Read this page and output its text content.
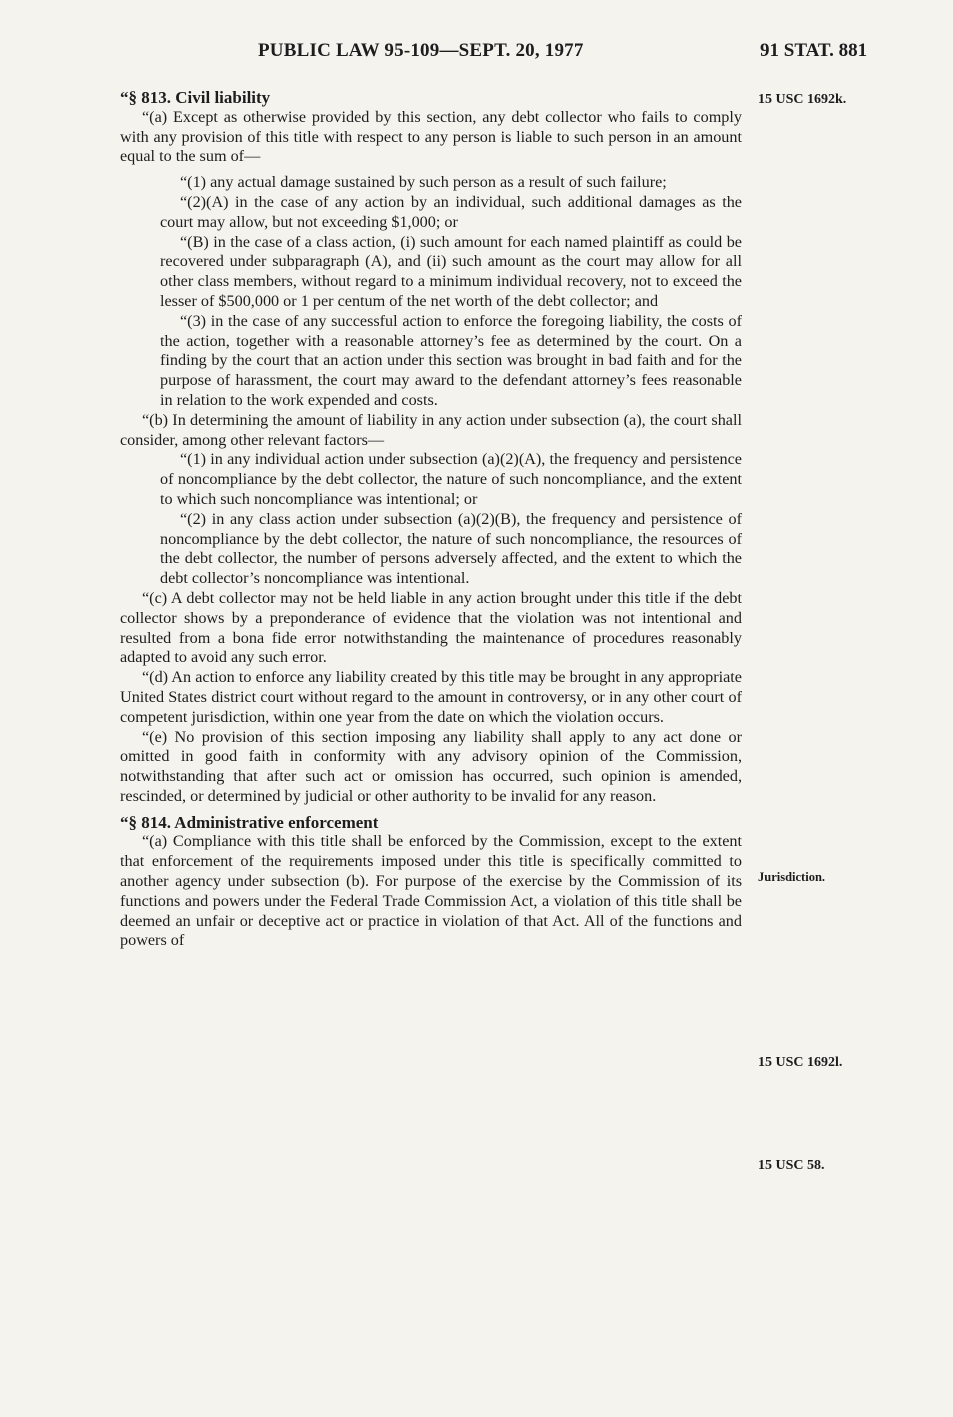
PUBLIC LAW 95-109—SEPT. 20, 1977	91 STAT. 881
15 USC 1692k.
Jurisdiction.
15 USC 1692l.
15 USC 58.

“§ 813. Civil liability

“(a) Except as otherwise provided by this section, any debt collector who fails to comply with any provision of this title with respect to any person is liable to such person in an amount equal to the sum of—

“(1) any actual damage sustained by such person as a result of such failure;

“(2)(A) in the case of any action by an individual, such additional damages as the court may allow, but not exceeding $1,000; or

“(B) in the case of a class action, (i) such amount for each named plaintiff as could be recovered under subparagraph (A), and (ii) such amount as the court may allow for all other class members, without regard to a minimum individual recovery, not to exceed the lesser of $500,000 or 1 per centum of the net worth of the debt collector; and

“(3) in the case of any successful action to enforce the foregoing liability, the costs of the action, together with a reasonable attorney’s fee as determined by the court. On a finding by the court that an action under this section was brought in bad faith and for the purpose of harassment, the court may award to the defendant attorney’s fees reasonable in relation to the work expended and costs.

“(b) In determining the amount of liability in any action under subsection (a), the court shall consider, among other relevant factors—

“(1) in any individual action under subsection (a)(2)(A), the frequency and persistence of noncompliance by the debt collector, the nature of such noncompliance, and the extent to which such noncompliance was intentional; or

“(2) in any class action under subsection (a)(2)(B), the frequency and persistence of noncompliance by the debt collector, the nature of such noncompliance, the resources of the debt collector, the number of persons adversely affected, and the extent to which the debt collector’s noncompliance was intentional.

“(c) A debt collector may not be held liable in any action brought under this title if the debt collector shows by a preponderance of evidence that the violation was not intentional and resulted from a bona fide error notwithstanding the maintenance of procedures reasonably adapted to avoid any such error.

“(d) An action to enforce any liability created by this title may be brought in any appropriate United States district court without regard to the amount in controversy, or in any other court of competent jurisdiction, within one year from the date on which the violation occurs.

“(e) No provision of this section imposing any liability shall apply to any act done or omitted in good faith in conformity with any advisory opinion of the Commission, notwithstanding that after such act or omission has occurred, such opinion is amended, rescinded, or determined by judicial or other authority to be invalid for any reason.

“§ 814. Administrative enforcement

“(a) Compliance with this title shall be enforced by the Commission, except to the extent that enforcement of the requirements imposed under this title is specifically committed to another agency under subsection (b). For purpose of the exercise by the Commission of its functions and powers under the Federal Trade Commission Act, a violation of this title shall be deemed an unfair or deceptive act or practice in violation of that Act. All of the functions and powers of
